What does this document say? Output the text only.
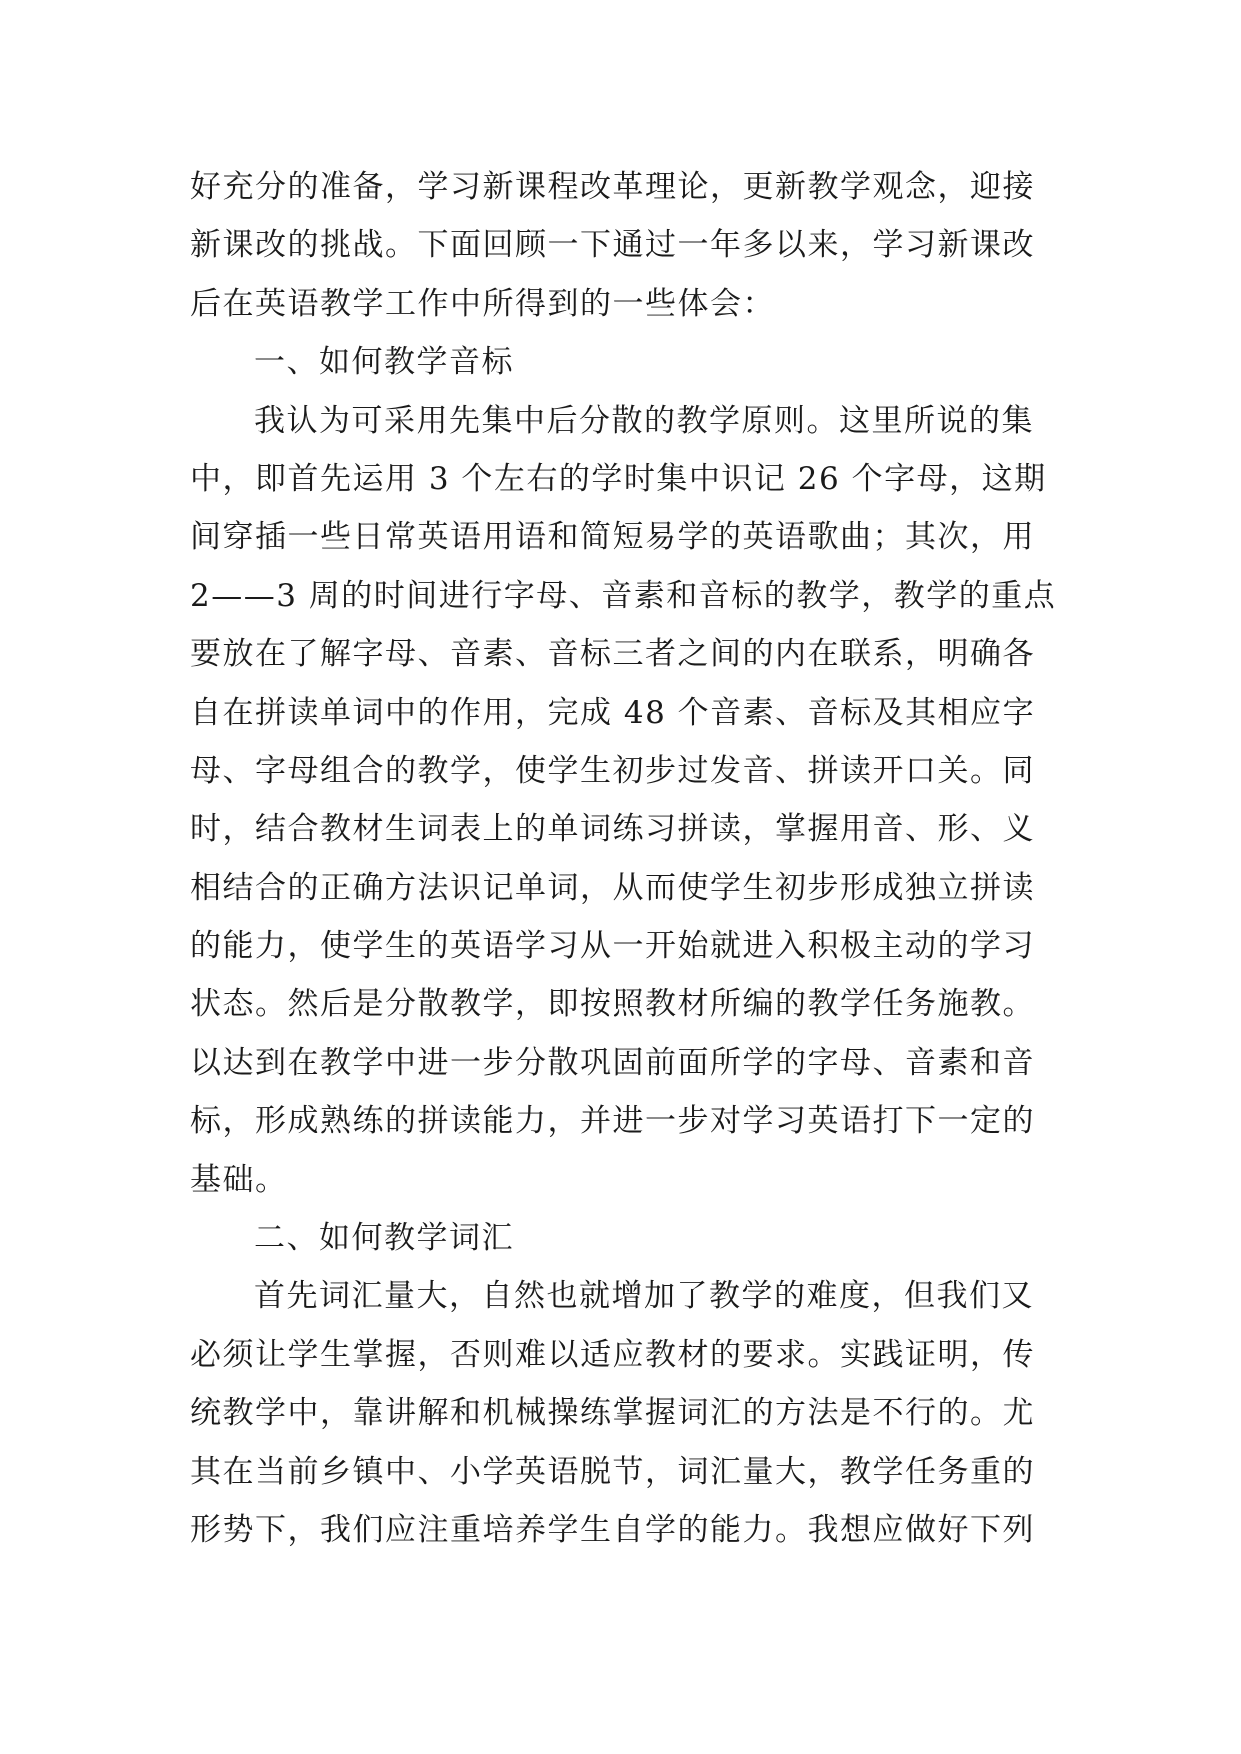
好充分的准备，学习新课程改革理论，更新教学观念，迎接
新课改的挑战。下面回顾一下通过一年多以来，学习新课改
后在英语教学工作中所得到的一些体会：
一、如何教学音标
我认为可采用先集中后分散的教学原则。这里所说的集
中，即首先运用 3 个左右的学时集中识记 26 个字母，这期
间穿插一些日常英语用语和简短易学的英语歌曲；其次，用
2——3 周的时间进行字母、音素和音标的教学，教学的重点
要放在了解字母、音素、音标三者之间的内在联系，明确各
自在拼读单词中的作用，完成 48 个音素、音标及其相应字
母、字母组合的教学，使学生初步过发音、拼读开口关。同
时，结合教材生词表上的单词练习拼读，掌握用音、形、义
相结合的正确方法识记单词，从而使学生初步形成独立拼读
的能力，使学生的英语学习从一开始就进入积极主动的学习
状态。然后是分散教学，即按照教材所编的教学任务施教。
以达到在教学中进一步分散巩固前面所学的字母、音素和音
标，形成熟练的拼读能力，并进一步对学习英语打下一定的
基础。
二、如何教学词汇
首先词汇量大，自然也就增加了教学的难度，但我们又
必须让学生掌握，否则难以适应教材的要求。实践证明，传
统教学中，靠讲解和机械操练掌握词汇的方法是不行的。尤
其在当前乡镇中、小学英语脱节，词汇量大，教学任务重的
形势下，我们应注重培养学生自学的能力。我想应做好下列
